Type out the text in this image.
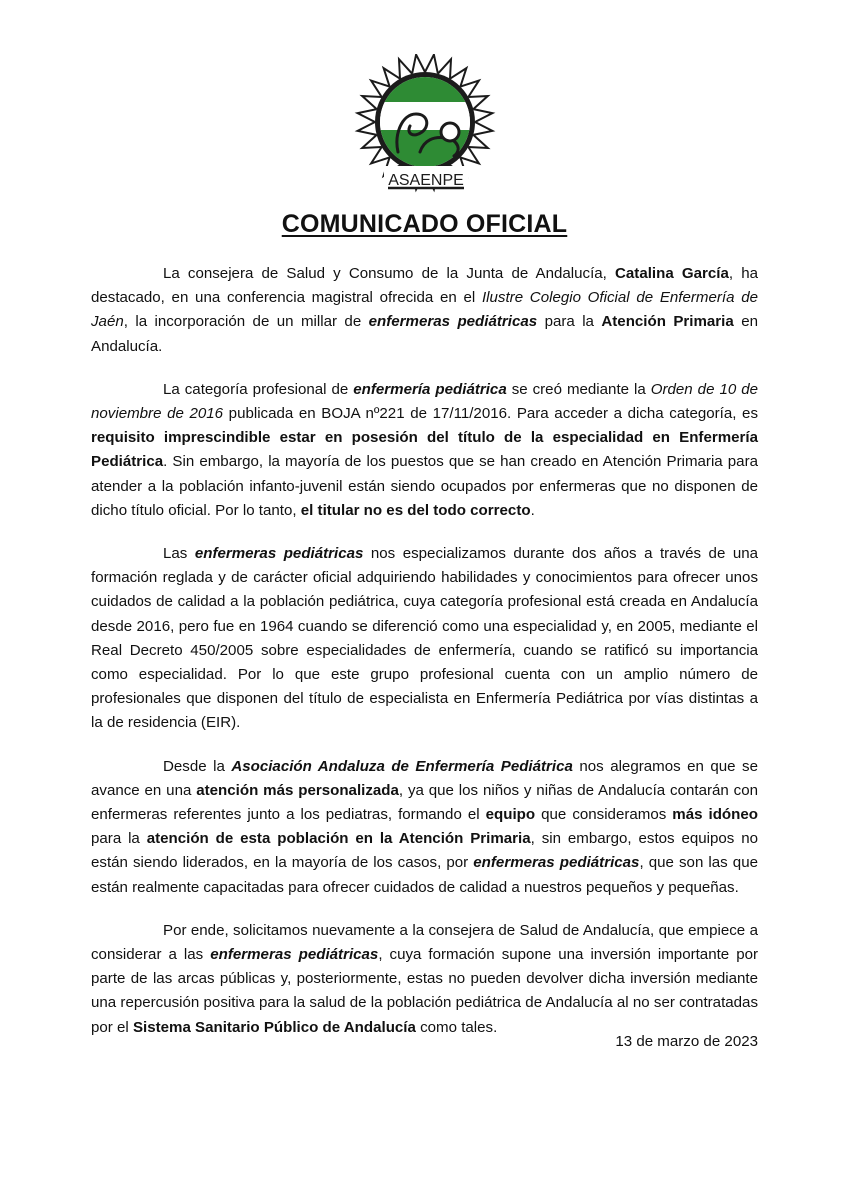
ASAENPE
COMUNICADO OFICIAL

La consejera de Salud y Consumo de la Junta de Andalucía, Catalina García, ha destacado, en una conferencia magistral ofrecida en el Ilustre Colegio Oficial de Enfermería de Jaén, la incorporación de un millar de enfermeras pediátricas para la Atención Primaria en Andalucía.

La categoría profesional de enfermería pediátrica se creó mediante la Orden de 10 de noviembre de 2016 publicada en BOJA nº221 de 17/11/2016. Para acceder a dicha categoría, es requisito imprescindible estar en posesión del título de la especialidad en Enfermería Pediátrica. Sin embargo, la mayoría de los puestos que se han creado en Atención Primaria para atender a la población infanto-juvenil están siendo ocupados por enfermeras que no disponen de dicho título oficial. Por lo tanto, el titular no es del todo correcto.

Las enfermeras pediátricas nos especializamos durante dos años a través de una formación reglada y de carácter oficial adquiriendo habilidades y conocimientos para ofrecer unos cuidados de calidad a la población pediátrica, cuya categoría profesional está creada en Andalucía desde 2016, pero fue en 1964 cuando se diferenció como una especialidad y, en 2005, mediante el Real Decreto 450/2005 sobre especialidades de enfermería, cuando se ratificó su importancia como especialidad. Por lo que este grupo profesional cuenta con un amplio número de profesionales que disponen del título de especialista en Enfermería Pediátrica por vías distintas a la de residencia (EIR).

Desde la Asociación Andaluza de Enfermería Pediátrica nos alegramos en que se avance en una atención más personalizada, ya que los niños y niñas de Andalucía contarán con enfermeras referentes junto a los pediatras, formando el equipo que consideramos más idóneo para la atención de esta población en la Atención Primaria, sin embargo, estos equipos no están siendo liderados, en la mayoría de los casos, por enfermeras pediátricas, que son las que están realmente capacitadas para ofrecer cuidados de calidad a nuestros pequeños y pequeñas.

Por ende, solicitamos nuevamente a la consejera de Salud de Andalucía, que empiece a considerar a las enfermeras pediátricas, cuya formación supone una inversión importante por parte de las arcas públicas y, posteriormente, estas no pueden devolver dicha inversión mediante una repercusión positiva para la salud de la población pediátrica de Andalucía al no ser contratadas por el Sistema Sanitario Público de Andalucía como tales.

13 de marzo de 2023
